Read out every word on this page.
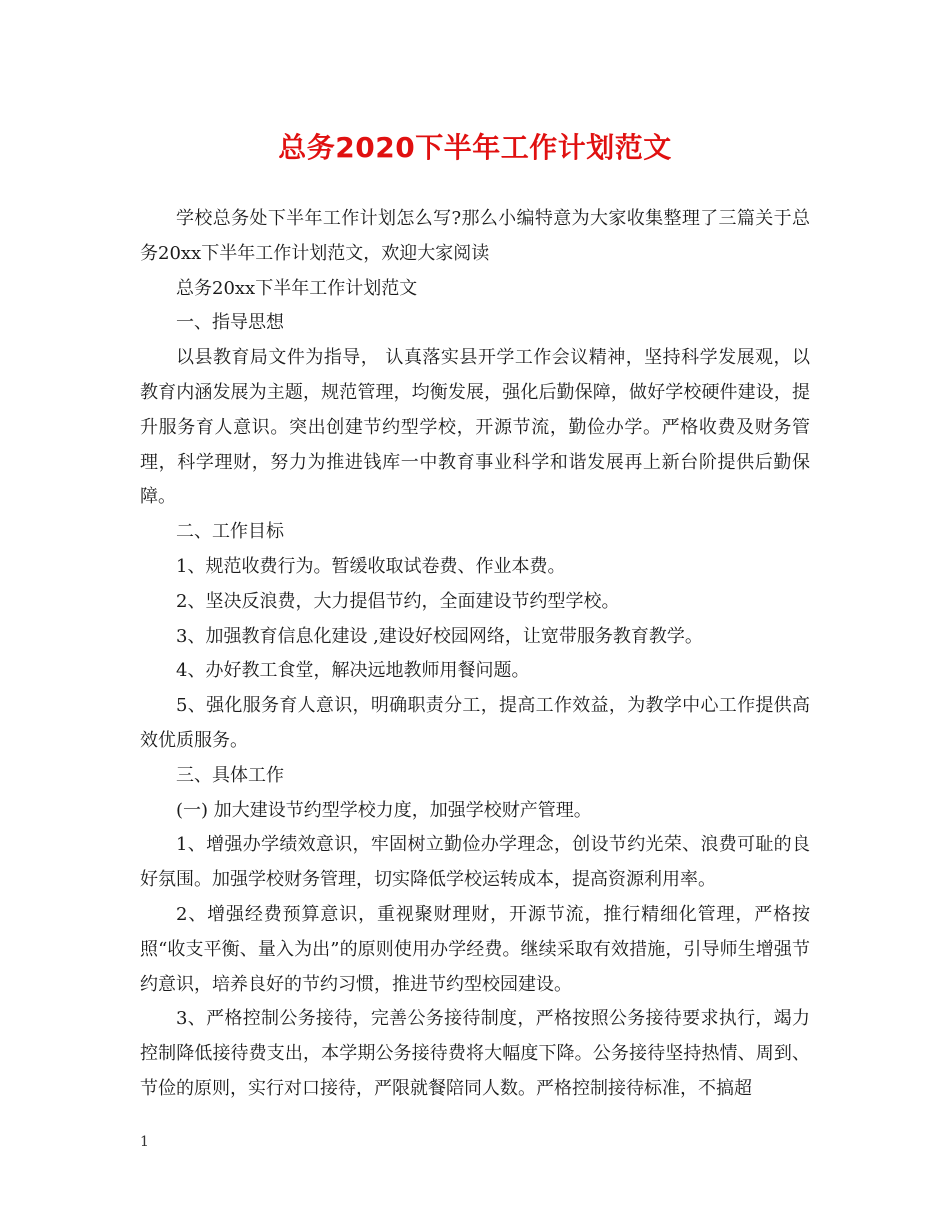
总务2020下半年工作计划范文

学校总务处下半年工作计划怎么写?那么小编特意为大家收集整理了三篇关于总务20xx下半年工作计划范文，欢迎大家阅读

总务20xx下半年工作计划范文

一、指导思想

以县教育局文件为指导， 认真落实县开学工作会议精神，坚持科学发展观，以教育内涵发展为主题，规范管理，均衡发展，强化后勤保障，做好学校硬件建设，提升服务育人意识。突出创建节约型学校，开源节流，勤俭办学。严格收费及财务管理，科学理财，努力为推进钱库一中教育事业科学和谐发展再上新台阶提供后勤保障。

二、工作目标

1、规范收费行为。暂缓收取试卷费、作业本费。

2、坚决反浪费，大力提倡节约，全面建设节约型学校。

3、加强教育信息化建设 ,建设好校园网络，让宽带服务教育教学。

4、办好教工食堂，解决远地教师用餐问题。

5、强化服务育人意识，明确职责分工，提高工作效益，为教学中心工作提供高效优质服务。

三、具体工作

(一) 加大建设节约型学校力度，加强学校财产管理。

1、增强办学绩效意识，牢固树立勤俭办学理念，创设节约光荣、浪费可耻的良好氛围。加强学校财务管理，切实降低学校运转成本，提高资源利用率。

2、增强经费预算意识，重视聚财理财，开源节流，推行精细化管理，严格按照“收支平衡、量入为出”的原则使用办学经费。继续采取有效措施，引导师生增强节约意识，培养良好的节约习惯，推进节约型校园建设。

3、严格控制公务接待，完善公务接待制度，严格按照公务接待要求执行，竭力控制降低接待费支出，本学期公务接待费将大幅度下降。公务接待坚持热情、周到、节俭的原则，实行对口接待，严限就餐陪同人数。严格控制接待标准，不搞超

1
